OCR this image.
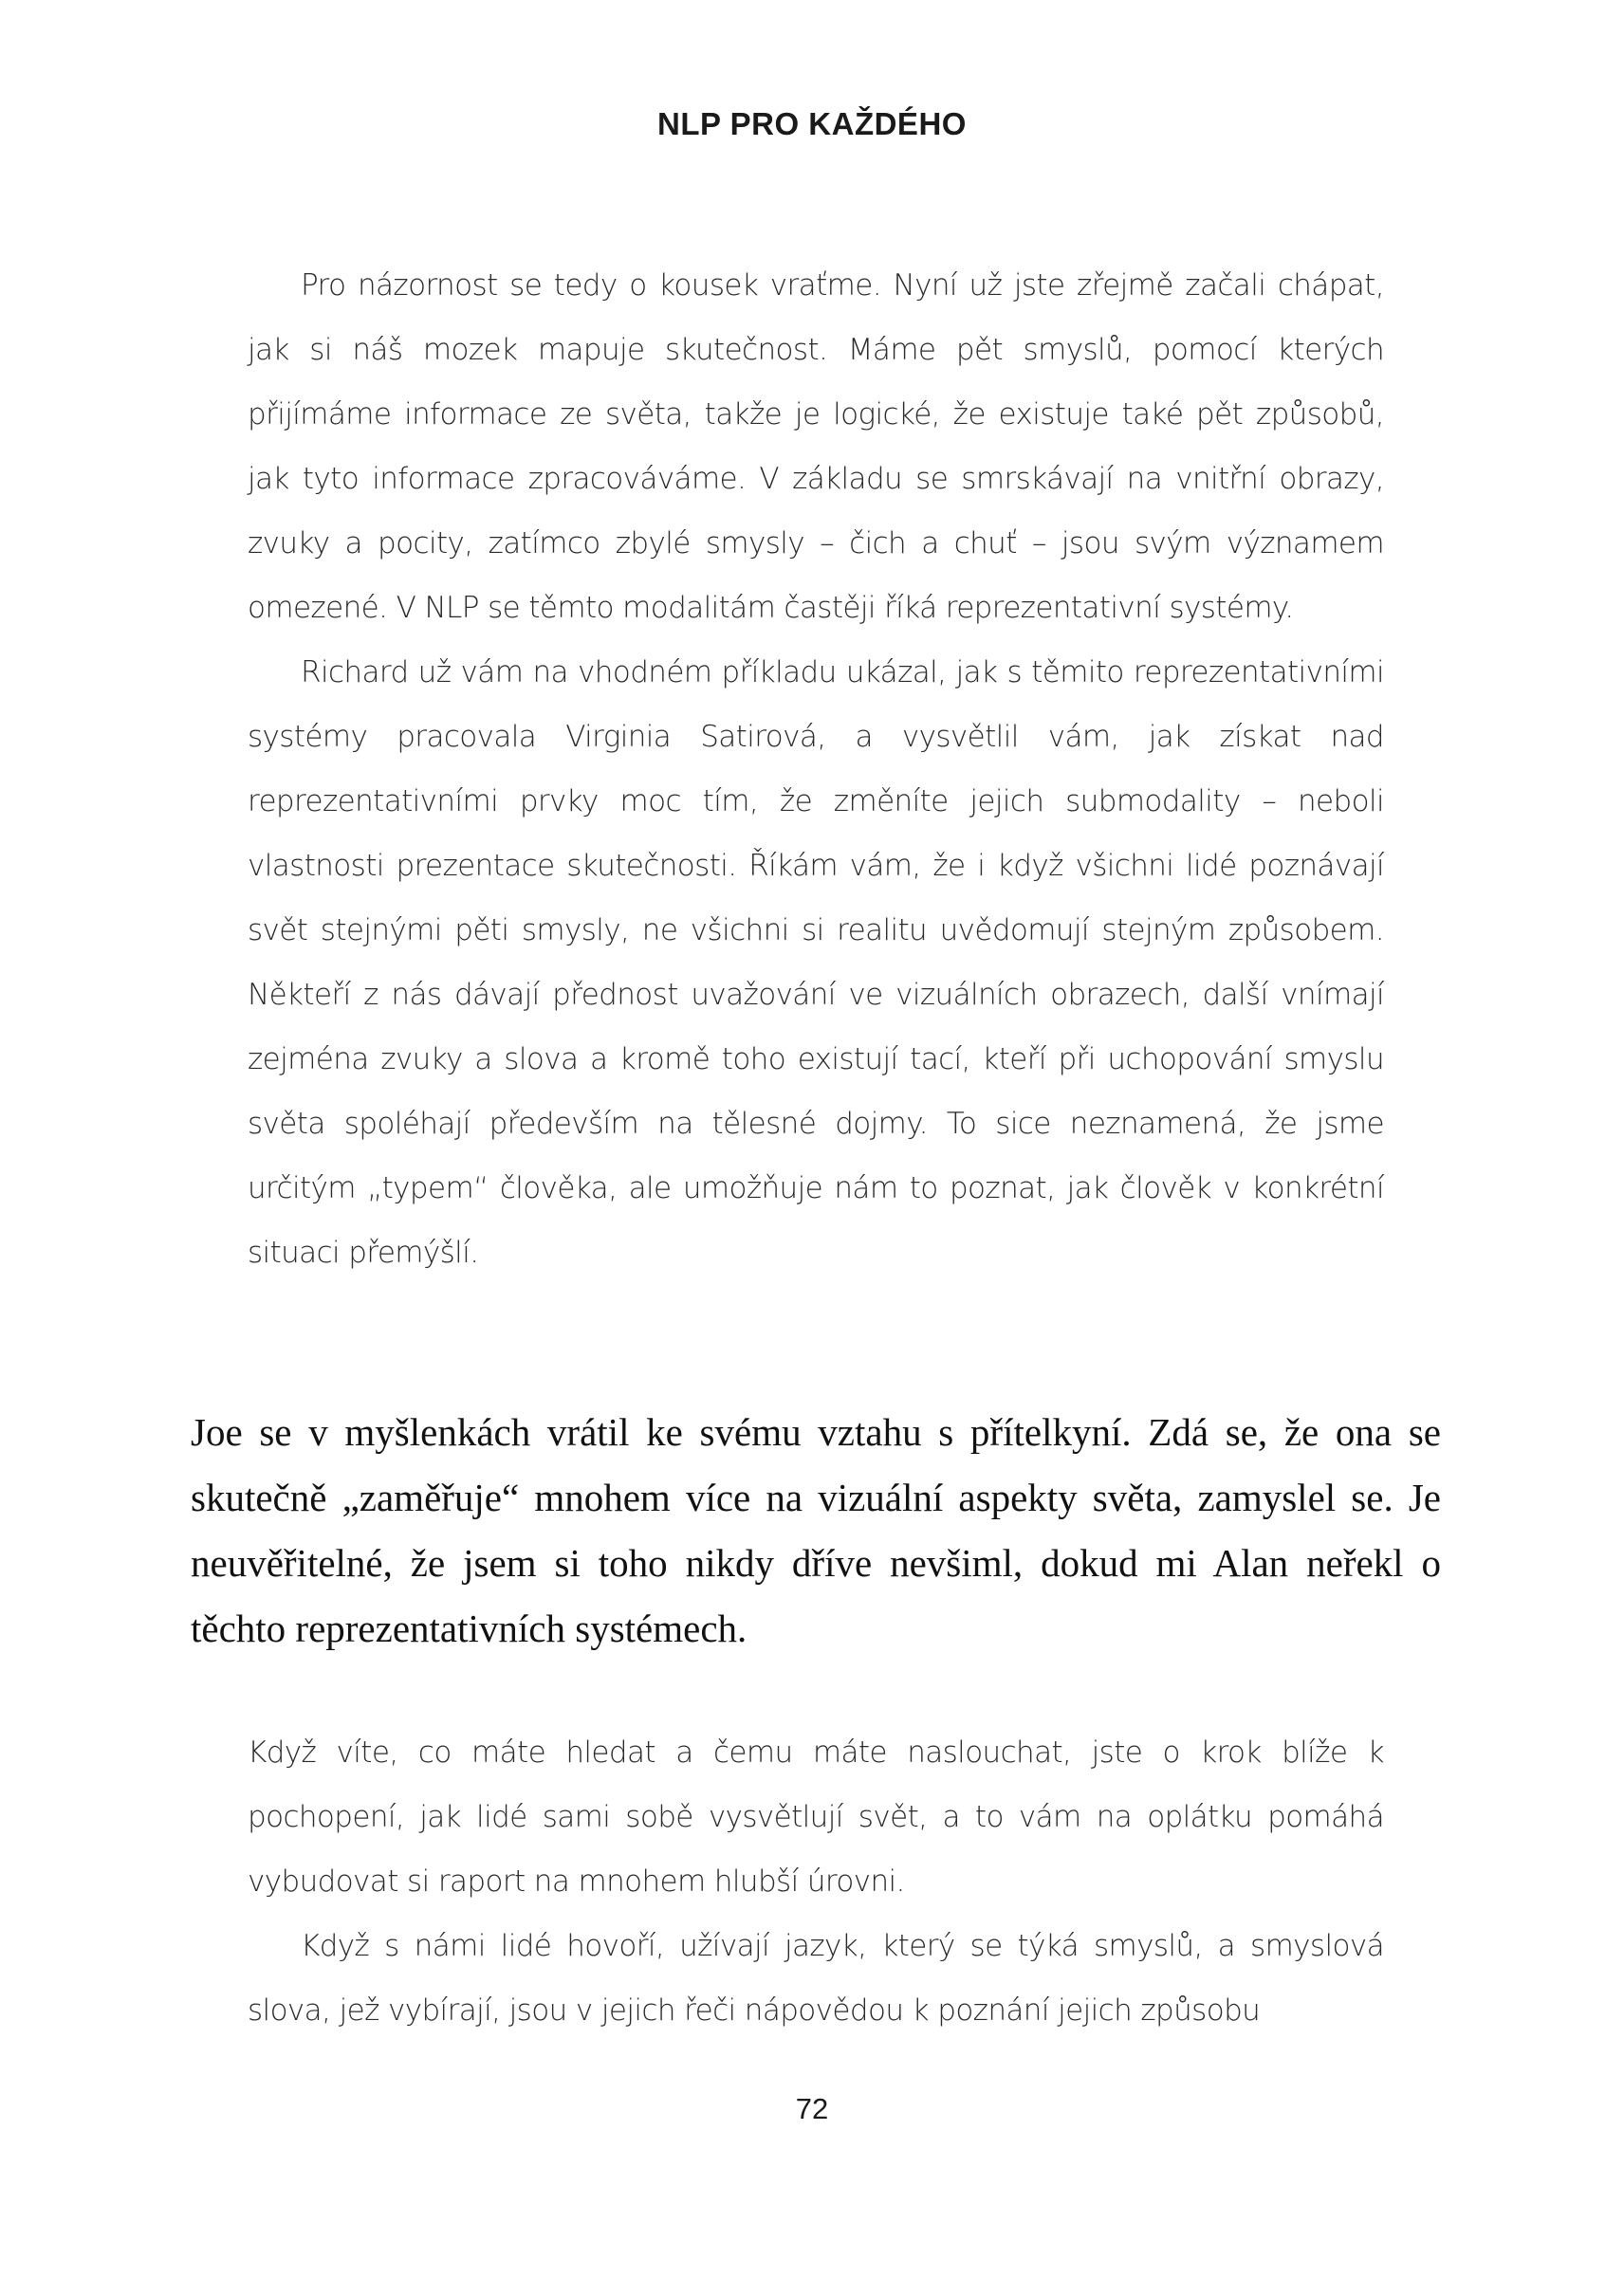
NLP PRO KAŽDÉHO

Pro názornost se tedy o kousek vraťme. Nyní už jste zřejmě začali chápat, jak si náš mozek mapuje skutečnost. Máme pět smyslů, pomocí kterých přijímáme informace ze světa, takže je logické, že existuje také pět způsobů, jak tyto informace zpracováváme. V základu se smrskávají na vnitřní obrazy, zvuky a pocity, zatímco zbylé smysly – čich a chuť – jsou svým významem omezené. V NLP se těmto modalitám častěji říká reprezentativní systémy.

Richard už vám na vhodném příkladu ukázal, jak s těmito reprezentativními systémy pracovala Virginia Satirová, a vysvětlil vám, jak získat nad reprezentativními prvky moc tím, že změníte jejich submodality – neboli vlastnosti prezentace skutečnosti. Říkám vám, že i když všichni lidé poznávají svět stejnými pěti smysly, ne všichni si realitu uvědomují stejným způsobem. Někteří z nás dávají přednost uvažování ve vizuálních obrazech, další vnímají zejména zvuky a slova a kromě toho existují tací, kteří při uchopování smyslu světa spoléhají především na tělesné dojmy. To sice neznamená, že jsme určitým „typem“ člověka, ale umožňuje nám to poznat, jak člověk v konkrétní situaci přemýšlí.

Joe se v myšlenkách vrátil ke svému vztahu s přítelkyní. Zdá se, že ona se skutečně „zaměřuje“ mnohem více na vizuální aspekty světa, zamyslel se. Je neuvěřitelné, že jsem si toho nikdy dříve nevšiml, dokud mi Alan neřekl o těchto reprezentativních systémech.

Když víte, co máte hledat a čemu máte naslouchat, jste o krok blíže k pochopení, jak lidé sami sobě vysvětlují svět, a to vám na oplátku pomáhá vybudovat si raport na mnohem hlubší úrovni.

Když s námi lidé hovoří, užívají jazyk, který se týká smyslů, a smyslová slova, jež vybírají, jsou v jejich řeči nápovědou k poznání jejich způsobu

72
